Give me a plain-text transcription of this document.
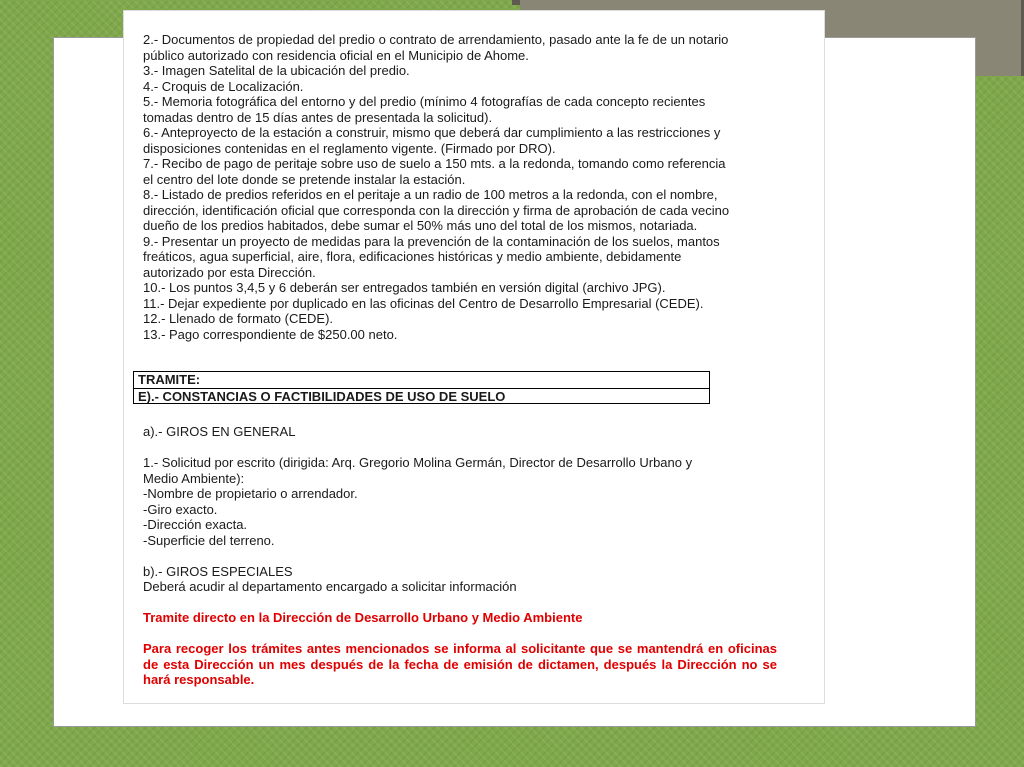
2.- Documentos de propiedad del predio o contrato de arrendamiento, pasado ante la fe de un notario

público autorizado con residencia oficial en el Municipio de Ahome.

3.- Imagen Satelital de la ubicación del predio.

4.- Croquis de Localización.

5.- Memoria fotográfica del entorno y del predio (mínimo 4 fotografías de cada concepto recientes

tomadas dentro de 15 días antes de presentada la solicitud).

6.- Anteproyecto de la estación a construir, mismo que deberá dar cumplimiento a las restricciones y

disposiciones contenidas en el reglamento vigente. (Firmado por DRO).

7.- Recibo de pago de peritaje sobre uso de suelo a 150 mts. a la redonda, tomando como referencia

el centro del lote donde se pretende instalar la estación.

8.- Listado de predios referidos en el peritaje a un radio de 100 metros a la redonda, con el nombre,

dirección, identificación oficial que corresponda con la dirección y firma de aprobación de cada vecino

dueño de los predios habitados, debe sumar el 50% más uno del total de los mismos, notariada.

9.- Presentar un proyecto de medidas para la prevención de la contaminación de los suelos, mantos

freáticos, agua superficial, aire, flora, edificaciones históricas y medio ambiente, debidamente

autorizado por esta Dirección.

10.- Los puntos 3,4,5 y 6 deberán ser entregados también en versión digital (archivo JPG).

11.- Dejar expediente por duplicado en las oficinas del Centro de Desarrollo Empresarial (CEDE).

12.- Llenado de formato (CEDE).

13.- Pago correspondiente de $250.00 neto.

TRAMITE:
E).- CONSTANCIAS O FACTIBILIDADES DE USO DE SUELO

a).- GIROS EN GENERAL

1.- Solicitud por escrito (dirigida: Arq. Gregorio Molina Germán, Director de Desarrollo Urbano y

Medio Ambiente):

-Nombre de propietario o arrendador.

-Giro exacto.

-Dirección exacta.

-Superficie del terreno.

b).- GIROS ESPECIALES

Deberá acudir al departamento encargado a solicitar información

Tramite directo en la Dirección de Desarrollo Urbano y Medio Ambiente

Para recoger los trámites antes mencionados se informa al solicitante que se mantendrá en oficinas de esta Dirección un mes después de la fecha de emisión de dictamen, después la Dirección no se hará responsable.
